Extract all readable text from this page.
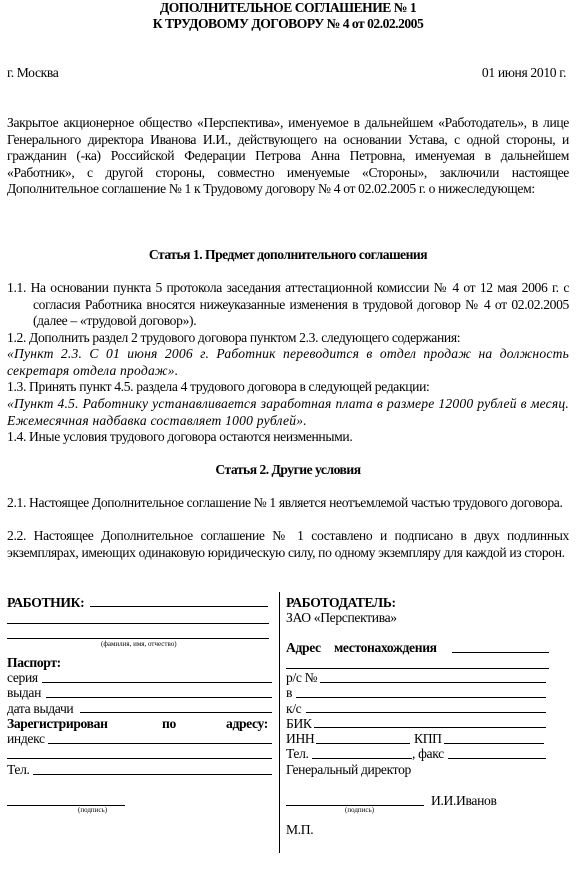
ДОПОЛНИТЕЛЬНОЕ СОГЛАШЕНИЕ № 1
К ТРУДОВОМУ ДОГОВОРУ № 4 от 02.02.2005
г. Москва	01 июня 2010 г.
Закрытое акционерное общество «Перспектива», именуемое в дальнейшем «Работодатель», в лице Генерального директора Иванова И.И., действующего на основании Устава, с одной стороны, и гражданин (-ка) Российской Федерации Петрова Анна Петровна, именуемая в дальнейшем «Работник», с другой стороны, совместно именуемые «Стороны», заключили настоящее Дополнительное соглашение № 1 к Трудовому договору № 4 от 02.02.2005 г. о нижеследующем:
Статья 1. Предмет дополнительного соглашения
1.1. На основании пункта 5 протокола заседания аттестационной комиссии № 4 от 12 мая 2006 г. с согласия Работника вносятся нижеуказанные изменения в трудовой договор № 4 от 02.02.2005 (далее – «трудовой договор»).
1.2. Дополнить раздел 2 трудового договора пунктом 2.3. следующего содержания:
«Пункт 2.3. С 01 июня 2006 г. Работник переводится в отдел продаж на должность секретаря отдела продаж».
1.3. Принять пункт 4.5. раздела 4 трудового договора в следующей редакции:
«Пункт 4.5. Работнику устанавливается заработная плата в размере 12000 рублей в месяц. Ежемесячная надбавка составляет 1000 рублей».
1.4. Иные условия трудового договора остаются неизменными.
Статья 2. Другие условия
2.1. Настоящее Дополнительное соглашение № 1 является неотъемлемой частью трудового договора.
2.2. Настоящее Дополнительное соглашение № 1 составлено и подписано в двух подлинных экземплярах, имеющих одинаковую юридическую силу, по одному экземпляру для каждой из сторон.
РАБОТНИК:
(фамилия, имя, отчество)
Паспорт:
серия
выдан
дата выдачи
Зарегистрирован	по	адресу:
индекс
Тел.
(подпись)
РАБОТОДАТЕЛЬ:
ЗАО «Перспектива»
Адрес местонахождения
р/с №
в
к/с
БИК
ИНН	КПП
Тел.	, факс
Генеральный директор
И.И.Иванов
(подпись)
М.П.
